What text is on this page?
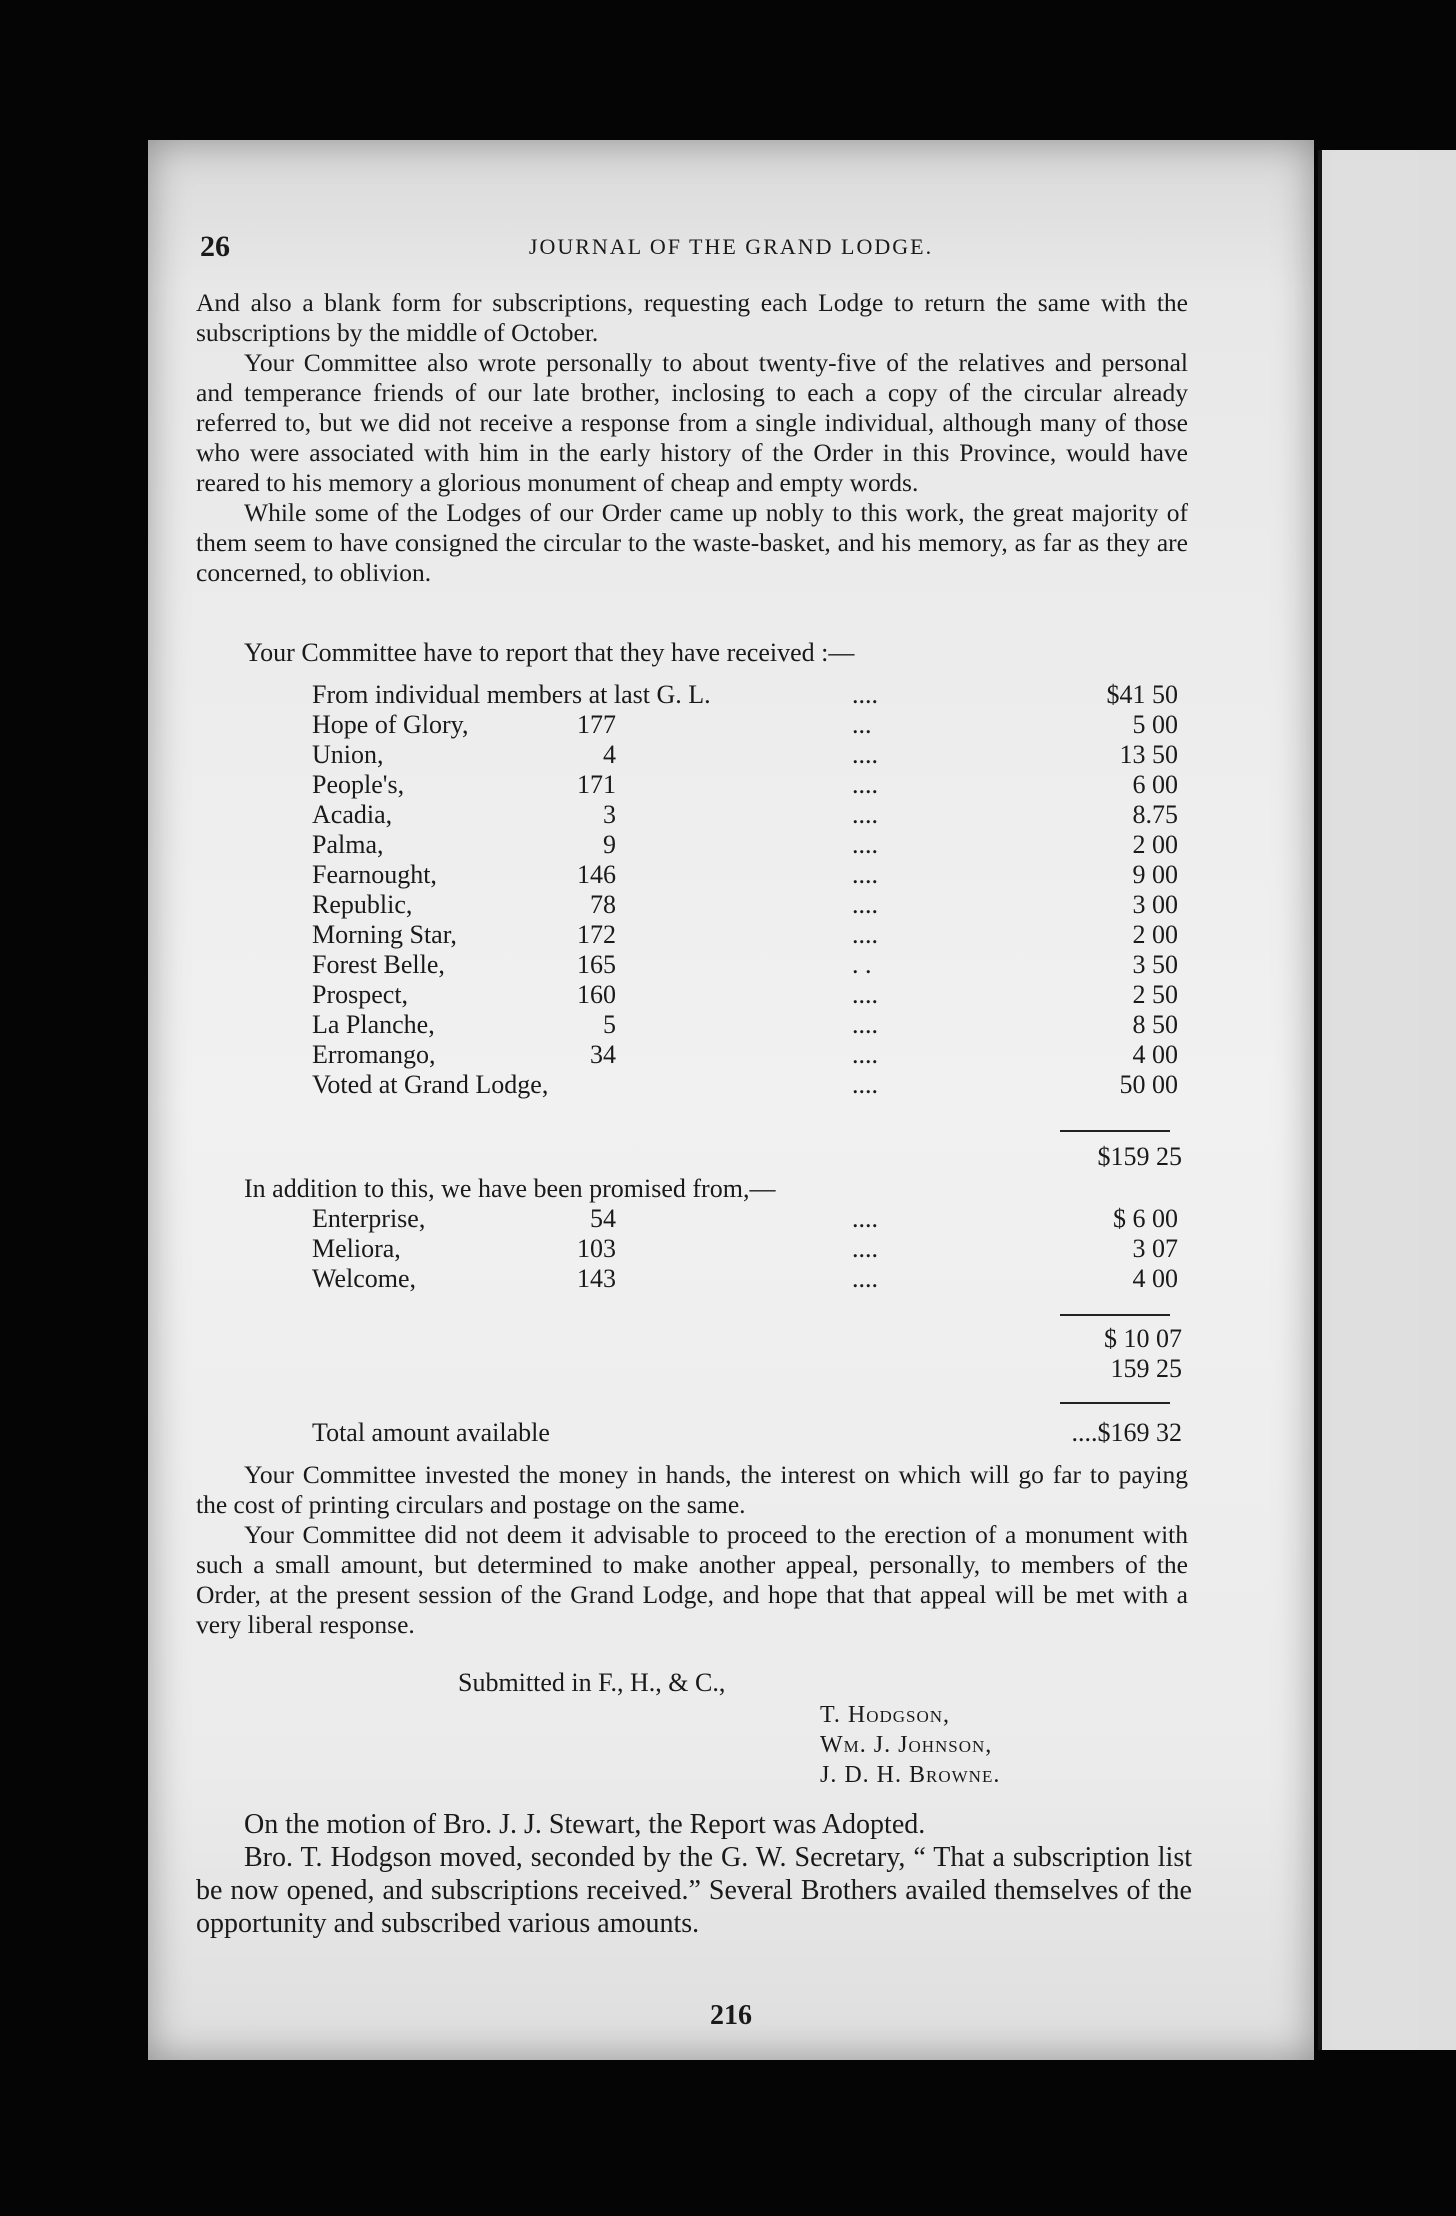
26	JOURNAL OF THE GRAND LODGE.

And also a blank form for subscriptions, requesting each Lodge to return the same with the subscriptions by the middle of October.

Your Committee also wrote personally to about twenty-five of the relatives and personal and temperance friends of our late brother, inclosing to each a copy of the circular already referred to, but we did not receive a response from a single individual, although many of those who were associated with him in the early history of the Order in this Province, would have reared to his memory a glorious monument of cheap and empty words.

While some of the Lodges of our Order came up nobly to this work, the great majority of them seem to have consigned the circular to the waste-basket, and his memory, as far as they are concerned, to oblivion.

Your Committee have to report that they have received :—
From individual members at last G. L.	....	$41 50
Hope of Glory,	177	...	5 00
Union,	4	....	13 50
People's,	171	....	6 00
Acadia,	3	....	8.75
Palma,	9	....	2 00
Fearnought,	146	....	9 00
Republic,	78	....	3 00
Morning Star,	172	....	2 00
Forest Belle,	165	. .	3 50
Prospect,	160	....	2 50
La Planche,	5	....	8 50
Erromango,	34	....	4 00
Voted at Grand Lodge,	....	50 00
$159 25
In addition to this, we have been promised from,—
Enterprise,	54	....	$ 6 00
Meliora,	103	....	3 07
Welcome,	143	....	4 00
$ 10 07
159 25
Total amount available	....$169 32

Your Committee invested the money in hands, the interest on which will go far to paying the cost of printing circulars and postage on the same.

Your Committee did not deem it advisable to proceed to the erection of a monument with such a small amount, but determined to make another appeal, personally, to members of the Order, at the present session of the Grand Lodge, and hope that that appeal will be met with a very liberal response.

Submitted in F., H., & C.,
T. Hodgson,
Wm. J. Johnson,
J. D. H. Browne.

On the motion of Bro. J. J. Stewart, the Report was Adopted.

Bro. T. Hodgson moved, seconded by the G. W. Secretary, “ That a subscription list be now opened, and subscriptions received.” Several Brothers availed themselves of the opportunity and subscribed various amounts.

216
